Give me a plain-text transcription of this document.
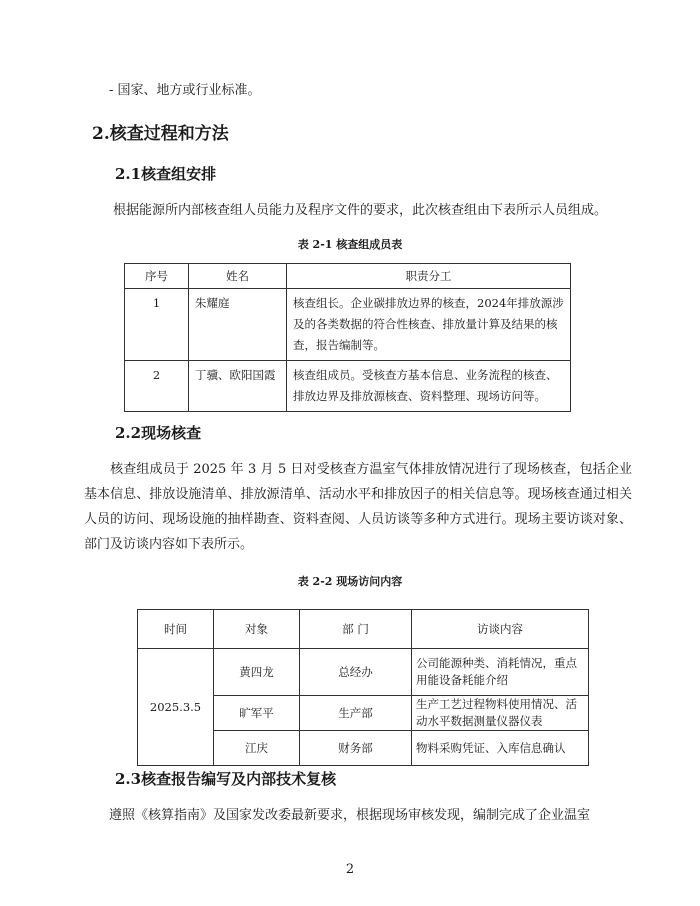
- 国家、地方或行业标准。
2.核查过程和方法
2.1核查组安排
根据能源所内部核查组人员能力及程序文件的要求，此次核查组由下表所示人员组成。
表 2-1 核查组成员表
序号	姓名	职责分工
1	朱耀庭	核查组长。企业碳排放边界的核查，2024年排放源涉及的各类数据的符合性核查、排放量计算及结果的核查，报告编制等。
2	丁骥、欧阳国霞	核查组成员。受核查方基本信息、业务流程的核查、排放边界及排放源核查、资料整理、现场访问等。
2.2现场核查
核查组成员于 2025 年 3 月 5 日对受核查方温室气体排放情况进行了现场核查，包括企业基本信息、排放设施清单、排放源清单、活动水平和排放因子的相关信息等。现场核查通过相关人员的访问、现场设施的抽样勘查、资料查阅、人员访谈等多种方式进行。现场主要访谈对象、部门及访谈内容如下表所示。
表 2-2 现场访问内容
时间	对象	部 门	访谈内容
2025.3.5	黄四龙	总经办	公司能源种类、消耗情况，重点用能设备耗能介绍
	旷军平	生产部	生产工艺过程物料使用情况、活动水平数据测量仪器仪表
	江庆	财务部	物料采购凭证、入库信息确认
2.3核查报告编写及内部技术复核
遵照《核算指南》及国家发改委最新要求，根据现场审核发现，编制完成了企业温室
2
